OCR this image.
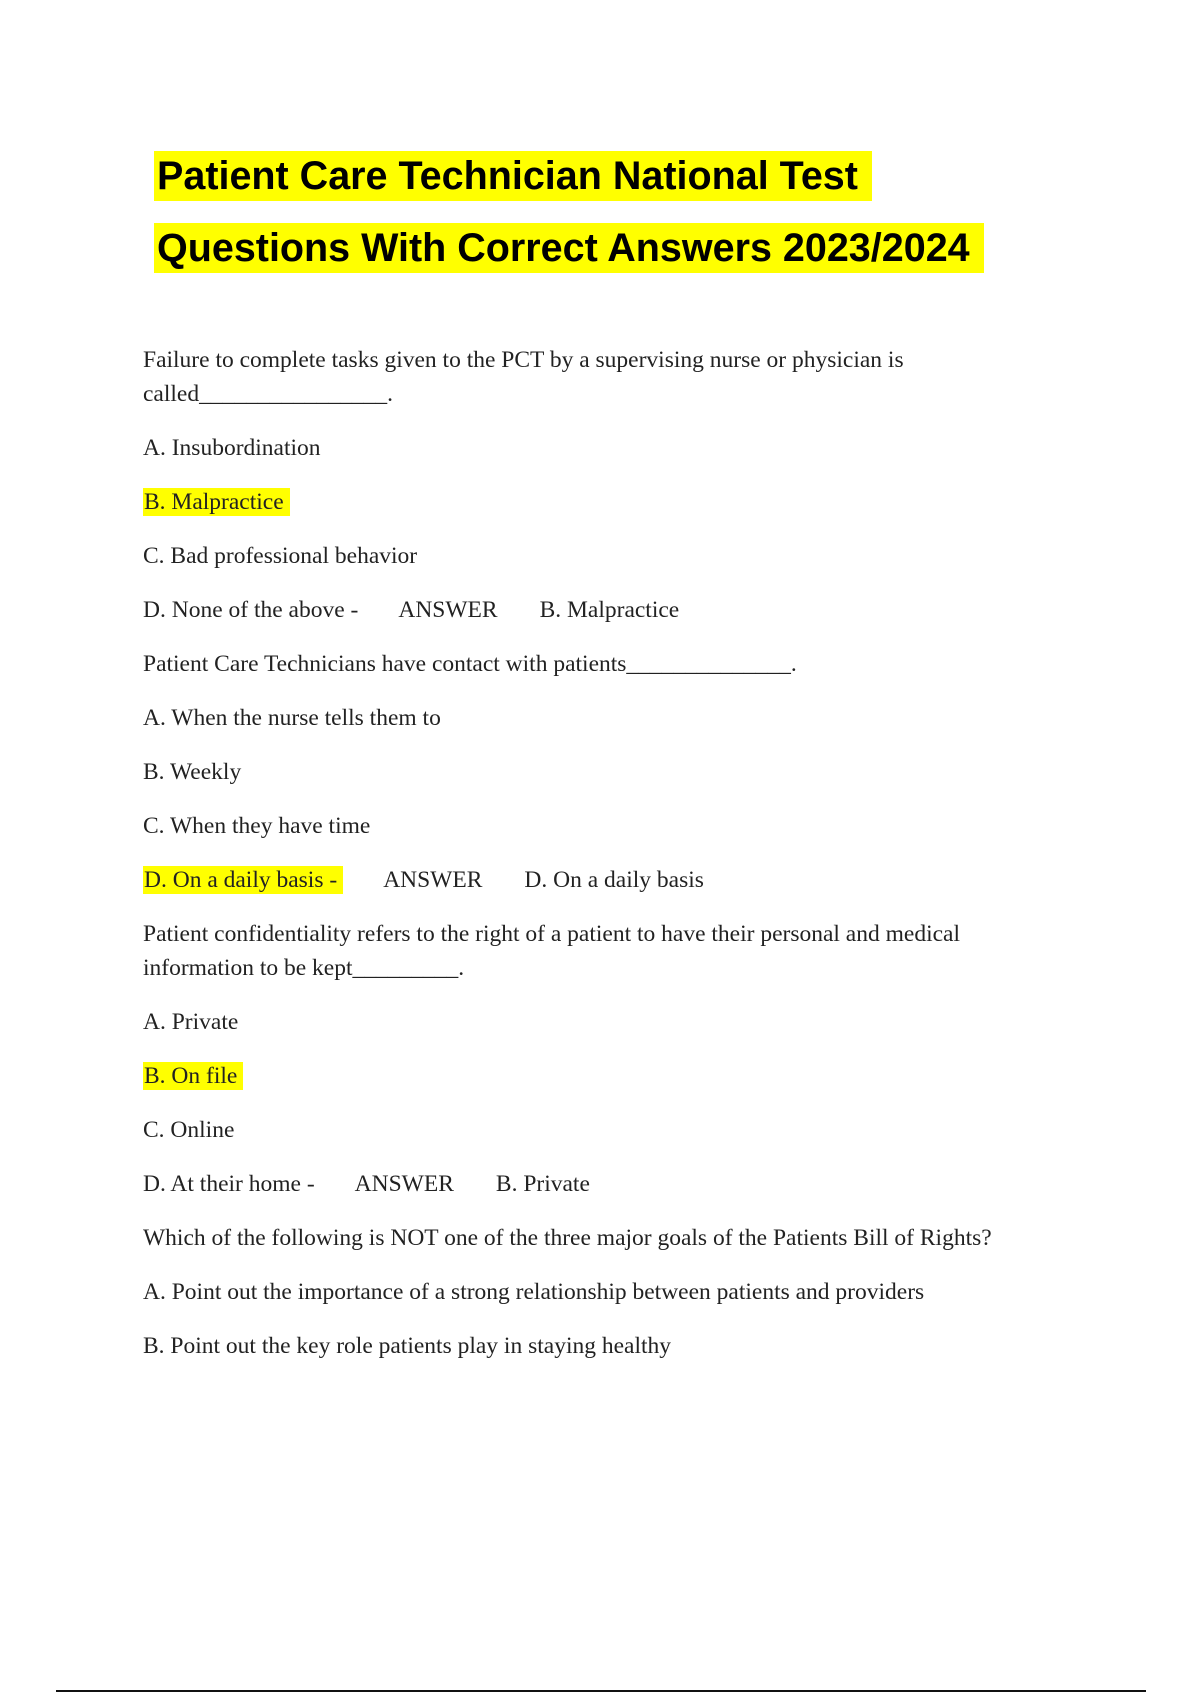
Patient Care Technician National Test
Questions With Correct Answers 2023/2024
Failure to complete tasks given to the PCT by a supervising nurse or physician is called________________.
A. Insubordination
B. Malpractice
C. Bad professional behavior
D. None of the above - ANSWER B. Malpractice
Patient Care Technicians have contact with patients______________.
A. When the nurse tells them to
B. Weekly
C. When they have time
D. On a daily basis - ANSWER D. On a daily basis
Patient confidentiality refers to the right of a patient to have their personal and medical information to be kept_________.
A. Private
B. On file
C. Online
D. At their home - ANSWER B. Private
Which of the following is NOT one of the three major goals of the Patients Bill of Rights?
A. Point out the importance of a strong relationship between patients and providers
B. Point out the key role patients play in staying healthy
